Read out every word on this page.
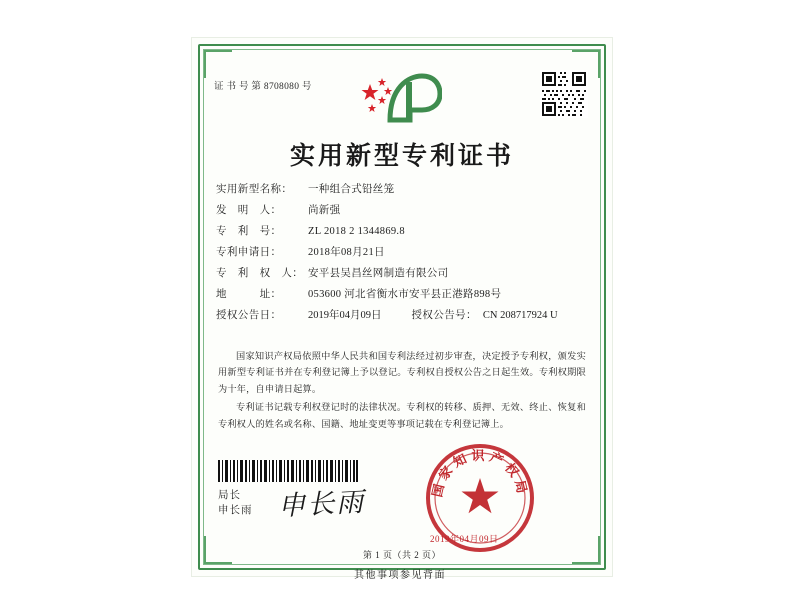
证 书 号 第 8708080 号
实用新型专利证书
实用新型名称：	一种组合式铅丝笼
发　明　人：	尚新强
专　利　号：	ZL 2018 2 1344869.8
专利申请日：	2018年08月21日
专　利　权　人： 安平县吴昌丝网制造有限公司
地　　　址：	053600 河北省衡水市安平县正港路898号
授权公告日：	2019年04月09日	授权公告号： CN 208717924 U

国家知识产权局依照中华人民共和国专利法经过初步审查，决定授予专利权，颁发实用新型专利证书并在专利登记簿上予以登记。专利权自授权公告之日起生效。专利权期限为十年，自申请日起算。

专利证书记载专利权登记时的法律状况。专利权的转移、质押、无效、终止、恢复和专利权人的姓名或名称、国籍、地址变更等事项记载在专利登记簿上。

局长
申长雨 申长雨	国家知识产权局
2019年04月09日
第 1 页（共 2 页）
其他事项参见背面
